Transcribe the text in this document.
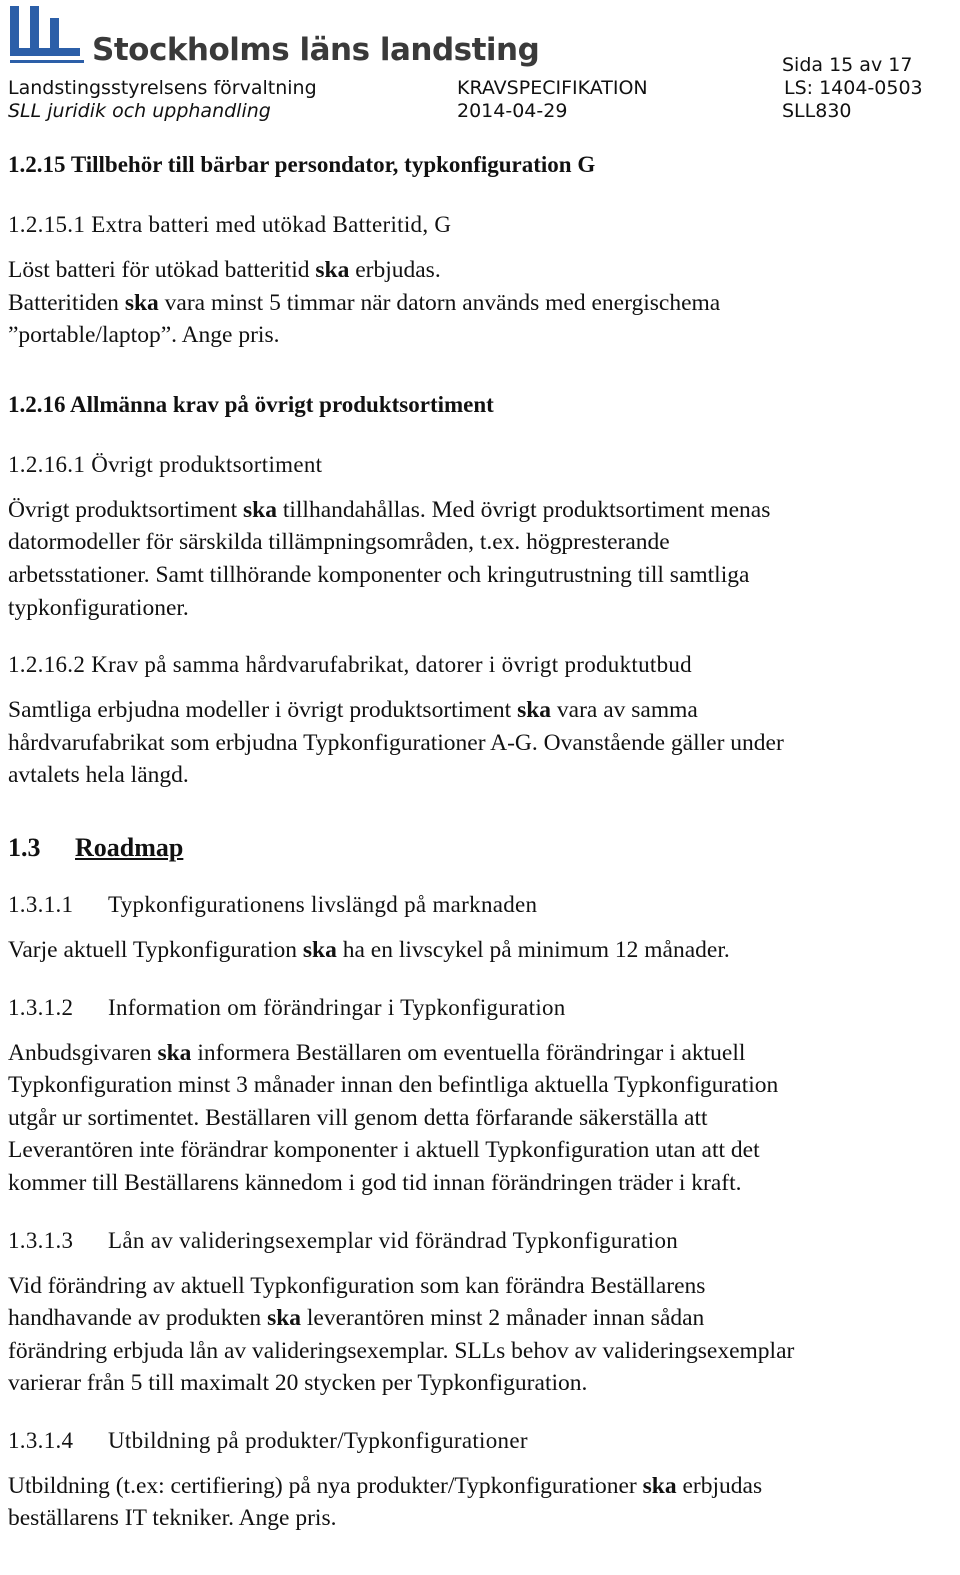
Stockholms läns landsting	Sida 15 av 17
Landstingsstyrelsens förvaltning	KRAVSPECIFIKATION	LS: 1404-0503
SLL juridik och upphandling	2014-04-29	SLL830
1.2.15 Tillbehör till bärbar persondator, typkonfiguration G
1.2.15.1 Extra batteri med utökad Batteritid, G

Löst batteri för utökad batteritid ska erbjudas.
Batteritiden ska vara minst 5 timmar när datorn används med energischema
”portable/laptop”. Ange pris.

1.2.16 Allmänna krav på övrigt produktsortiment
1.2.16.1 Övrigt produktsortiment

Övrigt produktsortiment ska tillhandahållas. Med övrigt produktsortiment menas
datormodeller för särskilda tillämpningsområden, t.ex. högpresterande
arbetsstationer. Samt tillhörande komponenter och kringutrustning till samtliga
typkonfigurationer.

1.2.16.2 Krav på samma hårdvarufabrikat, datorer i övrigt produktutbud

Samtliga erbjudna modeller i övrigt produktsortiment ska vara av samma
hårdvarufabrikat som erbjudna Typkonfigurationer A-G. Ovanstående gäller under
avtalets hela längd.

1.3 Roadmap
1.3.1.1 Typkonfigurationens livslängd på marknaden

Varje aktuell Typkonfiguration ska ha en livscykel på minimum 12 månader.

1.3.1.2 Information om förändringar i Typkonfiguration

Anbudsgivaren ska informera Beställaren om eventuella förändringar i aktuell
Typkonfiguration minst 3 månader innan den befintliga aktuella Typkonfiguration
utgår ur sortimentet. Beställaren vill genom detta förfarande säkerställa att
Leverantören inte förändrar komponenter i aktuell Typkonfiguration utan att det
kommer till Beställarens kännedom i god tid innan förändringen träder i kraft.

1.3.1.3 Lån av valideringsexemplar vid förändrad Typkonfiguration

Vid förändring av aktuell Typkonfiguration som kan förändra Beställarens
handhavande av produkten ska leverantören minst 2 månader innan sådan
förändring erbjuda lån av valideringsexemplar. SLLs behov av valideringsexemplar
varierar från 5 till maximalt 20 stycken per Typkonfiguration.

1.3.1.4 Utbildning på produkter/Typkonfigurationer

Utbildning (t.ex: certifiering) på nya produkter/Typkonfigurationer ska erbjudas
beställarens IT tekniker. Ange pris.
